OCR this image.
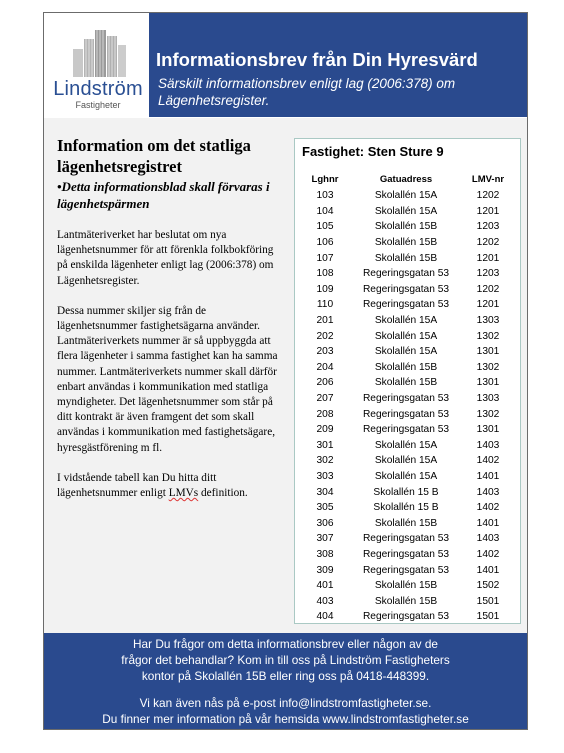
Lindström
Fastigheter
Informationsbrev från Din Hyresvärd
Särskilt informationsbrev enligt lag (2006:378) om Lägenhetsregister.

Information om det statliga lägenhetsregistret

•Detta informationsblad skall förvaras i lägenhetspärmen

Lantmäteriverket har beslutat om nya lägenhetsnummer för att förenkla folkbokföring på enskilda lägenheter enligt lag (2006:378) om Lägenhetsregister.

Dessa nummer skiljer sig från de lägenhetsnummer fastighetsägarna använder. Lantmäteriverkets nummer är så uppbyggda att flera lägenheter i samma fastighet kan ha samma nummer. Lantmäteriverkets nummer skall därför enbart användas i kommunikation med statliga myndigheter. Det lägenhetsnummer som står på ditt kontrakt är även framgent det som skall användas i kommunikation med fastighetsägare, hyresgästförening m fl.

I vidstående tabell kan Du hitta ditt lägenhetsnummer enligt LMVs definition.

Fastighet: Sten Sture 9
Lghnr	Gatuadress	LMV-nr
103	Skolallén 15A	1202
104	Skolallén 15A	1201
105	Skolallén 15B	1203
106	Skolallén 15B	1202
107	Skolallén 15B	1201
108	Regeringsgatan 53	1203
109	Regeringsgatan 53	1202
110	Regeringsgatan 53	1201
201	Skolallén 15A	1303
202	Skolallén 15A	1302
203	Skolallén 15A	1301
204	Skolallén 15B	1302
206	Skolallén 15B	1301
207	Regeringsgatan 53	1303
208	Regeringsgatan 53	1302
209	Regeringsgatan 53	1301
301	Skolallén 15A	1403
302	Skolallén 15A	1402
303	Skolallén 15A	1401
304	Skolallén 15 B	1403
305	Skolallén 15 B	1402
306	Skolallén 15B	1401
307	Regeringsgatan 53	1403
308	Regeringsgatan 53	1402
309	Regeringsgatan 53	1401
401	Skolallén 15B	1502
403	Skolallén 15B	1501
404	Regeringsgatan 53	1501
Har Du frågor om detta informationsbrev eller någon av de
frågor det behandlar? Kom in till oss på Lindström Fastigheters
kontor på Skolallén 15B eller ring oss på 0418-448399.
Vi kan även nås på e-post info@lindstromfastigheter.se.
Du finner mer information på vår hemsida www.lindstromfastigheter.se
